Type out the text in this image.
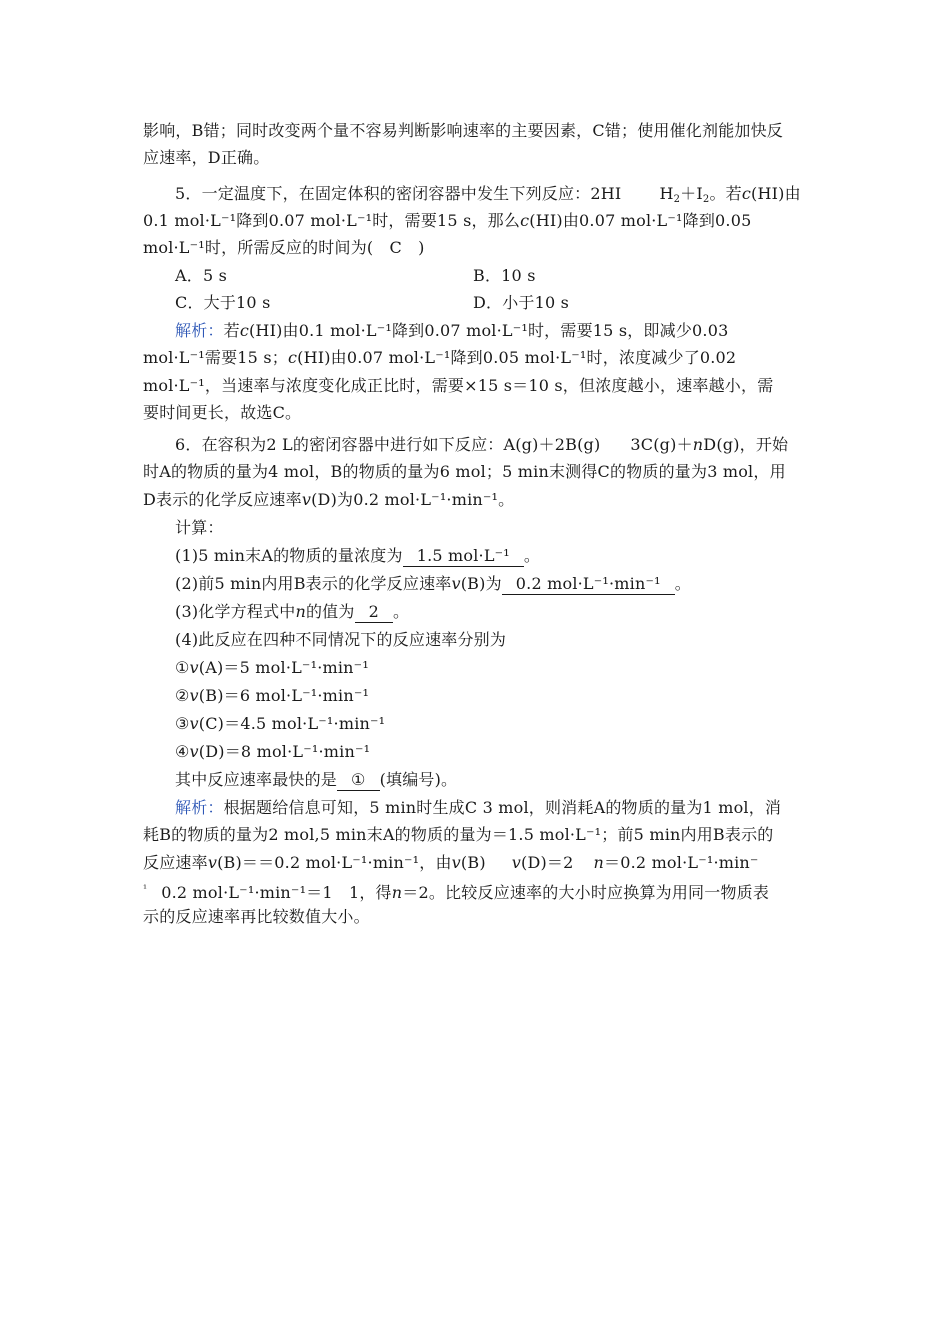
影响，B错；同时改变两个量不容易判断影响速率的主要因素，C错；使用催化剂能加快反
应速率，D正确。
5．一定温度下，在固定体积的密闭容器中发生下列反应：2HI $H_2+I_2$。若c(HI)由
0.1 mol·L⁻¹降到0.07 mol·L⁻¹时，需要15 s，那么c(HI)由0.07 mol·L⁻¹降到0.05
mol·L⁻¹时，所需反应的时间为(　C　)
A．5 s	B．10 s
C．大于10 s	D．小于10 s
解析：若c(HI)由0.1 mol·L⁻¹降到0.07 mol·L⁻¹时，需要15 s，即减少0.03
mol·L⁻¹需要15 s；c(HI)由0.07 mol·L⁻¹降到0.05 mol·L⁻¹时，浓度减少了0.02
mol·L⁻¹，当速率与浓度变化成正比时，需要×15 s＝10 s，但浓度越小，速率越小，需
要时间更长，故选C。
6．在容积为2 L的密闭容器中进行如下反应：A(g)＋2B(g) 3C(g)＋nD(g)，开始
时A的物质的量为4 mol，B的物质的量为6 mol；5 min末测得C的物质的量为3 mol，用
D表示的化学反应速率v(D)为0.2 mol·L⁻¹·min⁻¹。
计算：
(1)5 min末A的物质的量浓度为 1.5 mol·L⁻¹ 。
(2)前5 min内用B表示的化学反应速率v(B)为 0.2 mol·L⁻¹·min⁻¹ 。
(3)化学方程式中n的值为 2 。
(4)此反应在四种不同情况下的反应速率分别为
①v(A)＝5 mol·L⁻¹·min⁻¹
②v(B)＝6 mol·L⁻¹·min⁻¹
③v(C)＝4.5 mol·L⁻¹·min⁻¹
④v(D)＝8 mol·L⁻¹·min⁻¹
其中反应速率最快的是 ① (填编号)。
解析：根据题给信息可知，5 min时生成C 3 mol，则消耗A的物质的量为1 mol，消
耗B的物质的量为2 mol,5 min末A的物质的量为＝1.5 mol·L⁻¹；前5 min内用B表示的
反应速率v(B)＝＝0.2 mol·L⁻¹·min⁻¹，由v(B) v(D)＝2 n＝0.2 mol·L⁻¹·min⁻
$^{^1}$ 0.2 mol·L⁻¹·min⁻¹＝1　1，得n＝2。比较反应速率的大小时应换算为用同一物质表
示的反应速率再比较数值大小。
